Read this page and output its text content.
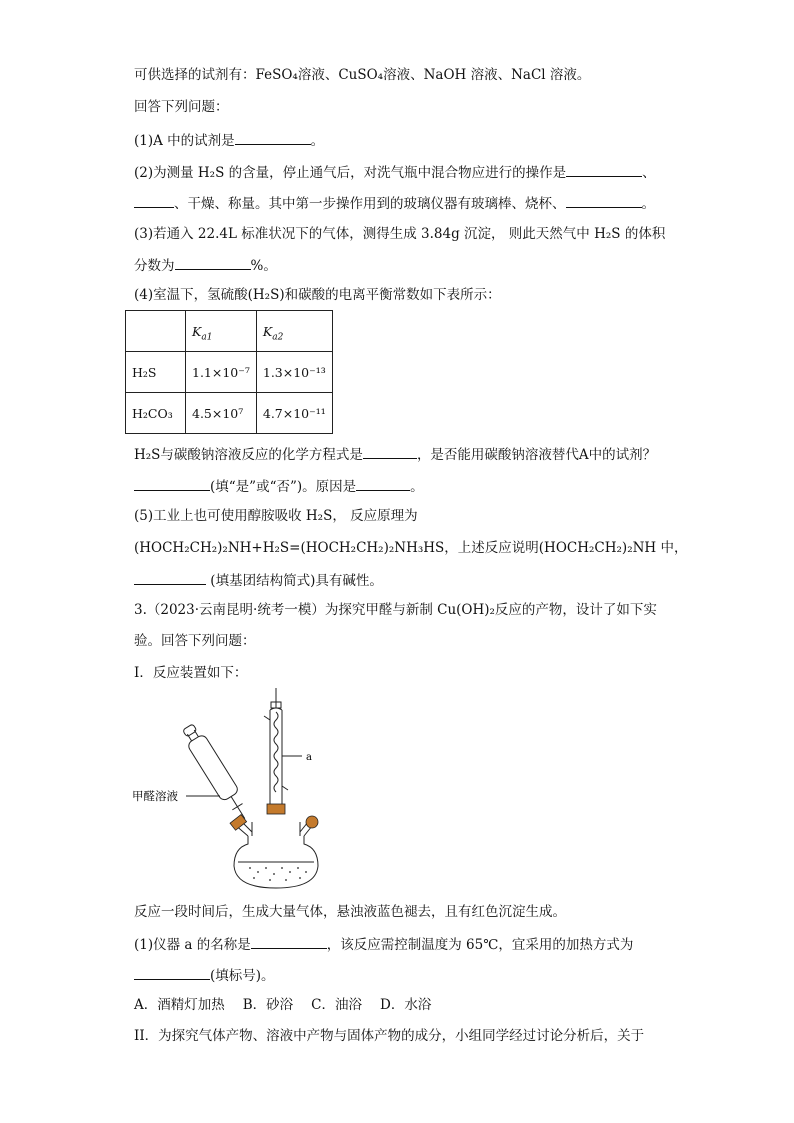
可供选择的试剂有：FeSO₄溶液、CuSO₄溶液、NaOH 溶液、NaCl 溶液。
回答下列问题：
(1)A 中的试剂是	。
(2)为测量 H₂S 的含量，停止通气后，对洗气瓶中混合物应进行的操作是	、
、干燥、称量。其中第一步操作用到的玻璃仪器有玻璃棒、烧杯、	。
(3)若通入 22.4L 标准状况下的气体，测得生成 3.84g 沉淀， 则此天然气中 H₂S 的体积
分数为	%。
(4)室温下，氢硫酸(H₂S)和碳酸的电离平衡常数如下表所示：
	$K_{a1}$	$K_{a2}$
H₂S	1.1×10⁻⁷	1.3×10⁻¹³
H₂CO₃	4.5×10⁷	4.7×10⁻¹¹
H₂S与碳酸钠溶液反应的化学方程式是	，是否能用碳酸钠溶液替代A中的试剂？
(填“是”或“否”)。原因是	。
(5)工业上也可使用醇胺吸收 H₂S， 反应原理为
(HOCH₂CH₂)₂NH+H₂S=(HOCH₂CH₂)₂NH₃HS，上述反应说明(HOCH₂CH₂)₂NH 中，
(填基团结构简式)具有碱性。
3.（2023·云南昆明·统考一模）为探究甲醛与新制 Cu(OH)₂反应的产物，设计了如下实
验。回答下列问题：
I．反应装置如下：
a
甲醛溶液
反应一段时间后，生成大量气体，悬浊液蓝色褪去，且有红色沉淀生成。
(1)仪器 a 的名称是	，该反应需控制温度为 65℃，宜采用的加热方式为
(填标号)。
A．酒精灯加热 B．砂浴 C．油浴 D．水浴
II．为探究气体产物、溶液中产物与固体产物的成分，小组同学经过讨论分析后，关于
